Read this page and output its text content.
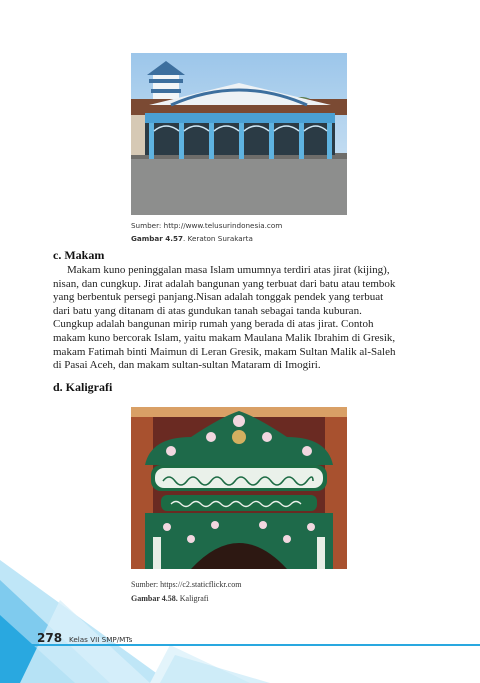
Sumber: http://www.telusurindonesia.com
Gambar 4.57. Keraton Surakarta
c. Makam
Makam kuno peninggalan masa Islam umumnya terdiri atas jirat (kijing),
nisan, dan cungkup. Jirat adalah bangunan yang terbuat dari batu atau tembok
yang berbentuk persegi panjang.Nisan adalah tonggak pendek yang terbuat
dari batu yang ditanam di atas gundukan tanah sebagai tanda kuburan.
Cungkup adalah bangunan mirip rumah yang berada di atas jirat. Contoh
makam kuno bercorak Islam, yaitu makam Maulana Malik Ibrahim di Gresik,
makam Fatimah binti Maimun di Leran Gresik, makam Sultan Malik al-Saleh
di Pasai Aceh, dan makam sultan-sultan Mataram di Imogiri.
d. Kaligrafi
Sumber: https://c2.staticflickr.com
Gambar 4.58. Kaligrafi
278 Kelas VII SMP/MTs
